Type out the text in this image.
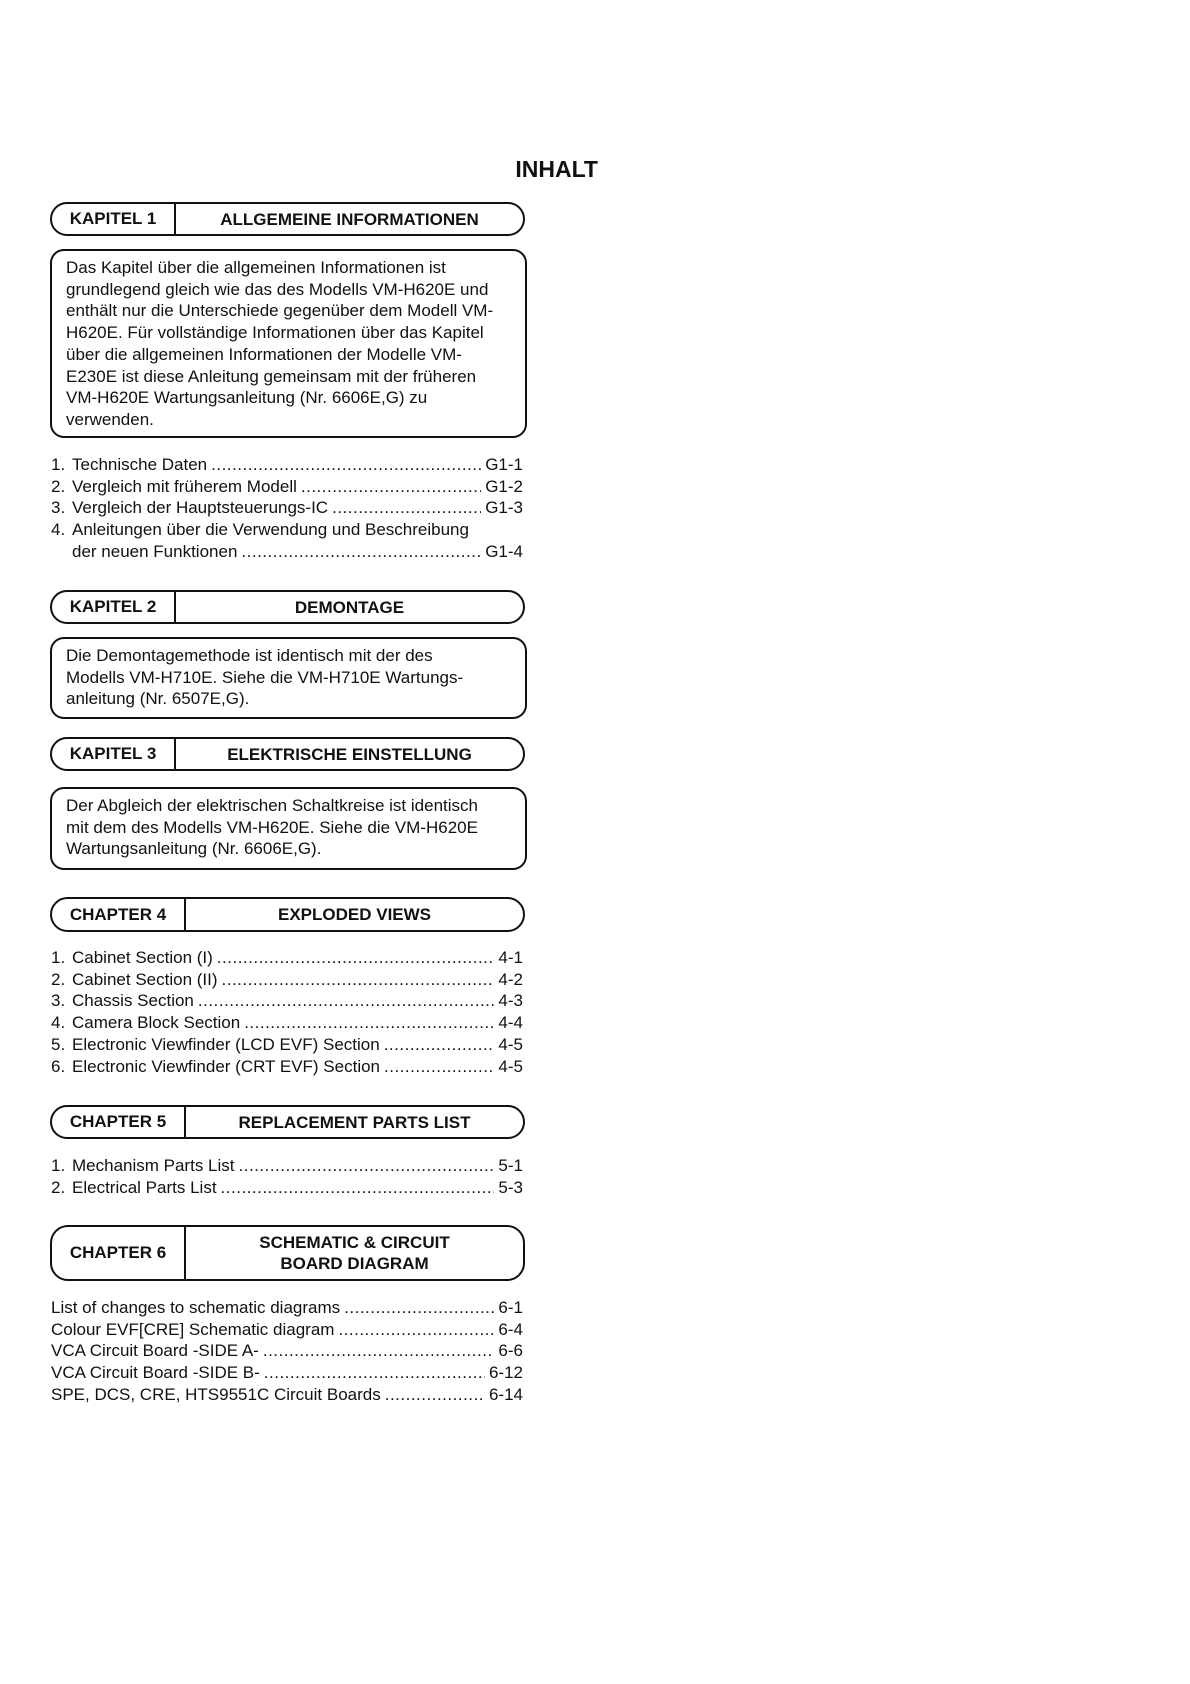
INHALT
KAPITEL 1	ALLGEMEINE INFORMATIONEN
Das Kapitel über die allgemeinen Informationen ist
grundlegend gleich wie das des Modells VM-H620E und
enthält nur die Unterschiede gegenüber dem Modell VM-
H620E. Für vollständige Informationen über das Kapitel
über die allgemeinen Informationen der Modelle VM-
E230E ist diese Anleitung gemeinsam mit der früheren
VM-H620E Wartungsanleitung (Nr. 6606E,G) zu
verwenden.
1. Technische Daten .....	G1-1
2. Vergleich mit früherem Modell .....	G1-2
3. Vergleich der Hauptsteuerungs-IC .....	G1-3
4. Anleitungen über die Verwendung und Beschreibung
der neuen Funktionen .....	G1-4
KAPITEL 2	DEMONTAGE
Die Demontagemethode ist identisch mit der des
Modells VM-H710E. Siehe die VM-H710E Wartungs-
anleitung (Nr. 6507E,G).
KAPITEL 3	ELEKTRISCHE EINSTELLUNG
Der Abgleich der elektrischen Schaltkreise ist identisch
mit dem des Modells VM-H620E. Siehe die VM-H620E
Wartungsanleitung (Nr. 6606E,G).
CHAPTER 4	EXPLODED VIEWS
1. Cabinet Section (I) .....	4-1
2. Cabinet Section (II) .....	4-2
3. Chassis Section .....	4-3
4. Camera Block Section .....	4-4
5. Electronic Viewfinder (LCD EVF) Section .....	4-5
6. Electronic Viewfinder (CRT EVF) Section .....	4-5
CHAPTER 5	REPLACEMENT PARTS LIST
1. Mechanism Parts List .....	5-1
2. Electrical Parts List .....	5-3
CHAPTER 6
SCHEMATIC & CIRCUIT
BOARD DIAGRAM
List of changes to schematic diagrams .....	6-1
Colour EVF[CRE] Schematic diagram .....	6-4
VCA Circuit Board -SIDE A- .....	6-6
VCA Circuit Board -SIDE B- .....	6-12
SPE, DCS, CRE, HTS9551C Circuit Boards .....	6-14
